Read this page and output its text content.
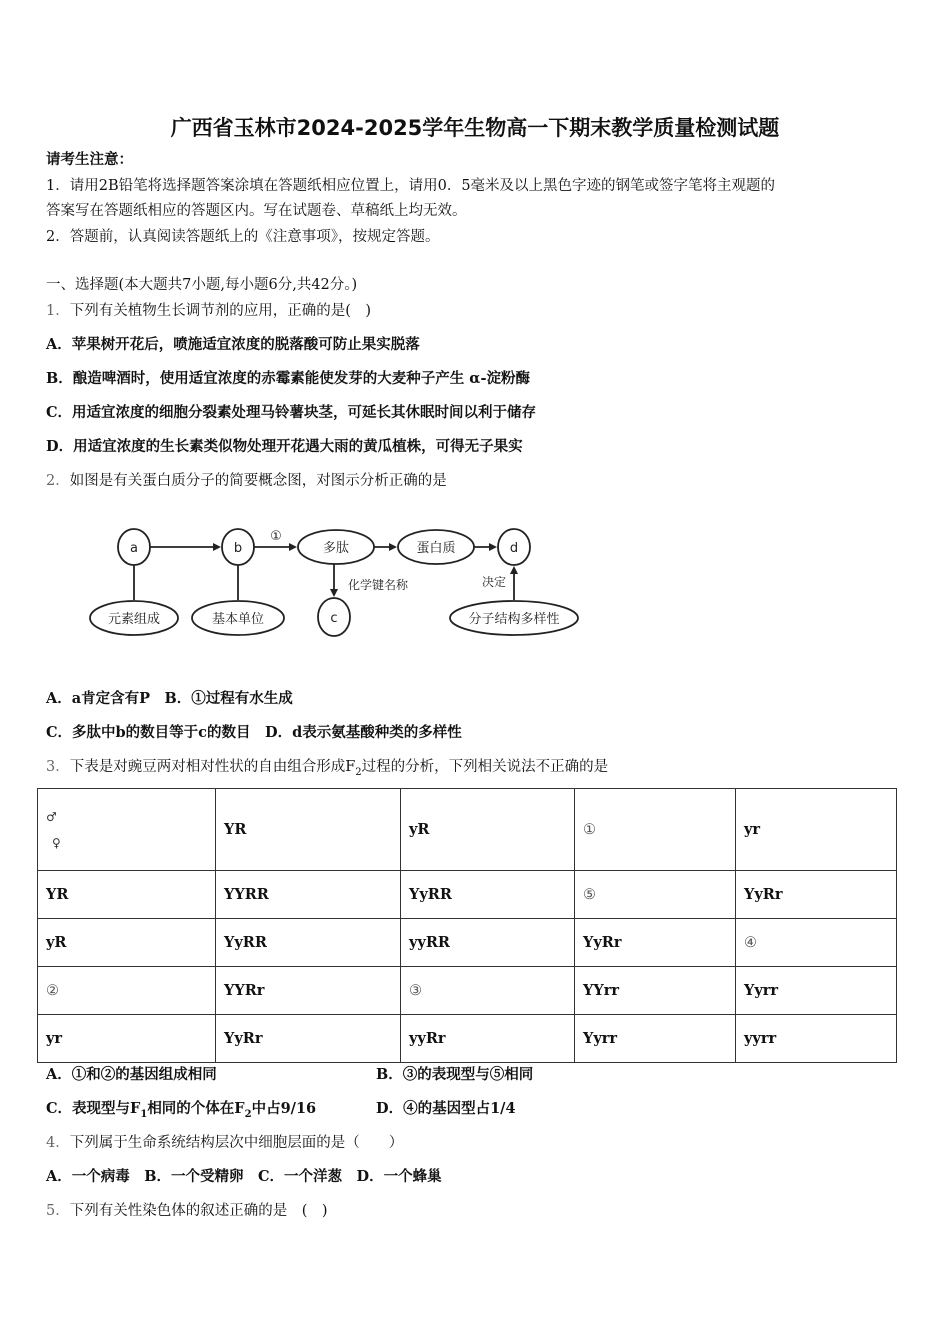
广西省玉林市2024-2025学年生物高一下期末教学质量检测试题
请考生注意：
1．请用2B铅笔将选择题答案涂填在答题纸相应位置上，请用0．5毫米及以上黑色字迹的钢笔或签字笔将主观题的
答案写在答题纸相应的答题区内。写在试题卷、草稿纸上均无效。
2．答题前，认真阅读答题纸上的《注意事项》，按规定答题。
一、选择题(本大题共7小题,每小题6分,共42分。)
1．下列有关植物生长调节剂的应用，正确的是(　)
A．苹果树开花后，喷施适宜浓度的脱落酸可防止果实脱落
B．酿造啤酒时，使用适宜浓度的赤霉素能使发芽的大麦种子产生 α-淀粉酶
C．用适宜浓度的细胞分裂素处理马铃薯块茎，可延长其休眠时间以利于储存
D．用适宜浓度的生长素类似物处理开花遇大雨的黄瓜植株，可得无子果实
2．如图是有关蛋白质分子的简要概念图，对图示分析正确的是
a	b
①
多肽	蛋白质	d
元素组成	基本单位	c	分子结构多样性
化学键名称	决定
A．a肯定含有P　B．①过程有水生成
C．多肽中b的数目等于c的数目　D．d表示氨基酸种类的多样性
3．下表是对豌豆两对相对性状的自由组合形成$F_2$过程的分析，下列相关说法不正确的是
♂
♀	YR	yR	①	yr
YR	YYRR	YyRR	⑤	YyRr
yR	YyRR	yyRR	YyRr	④
②	YYRr	③	YYrr	Yyrr
yr	YyRr	yyRr	Yyrr	yyrr
A．①和②的基因组成相同	B．③的表现型与⑤相同
C．表现型与$F_1$相同的个体在$F_2$中占9/16	D．④的基因型占1/4
4．下列属于生命系统结构层次中细胞层面的是（　　）
A．一个病毒　B．一个受精卵　C．一个洋葱　D．一个蜂巢
5．下列有关性染色体的叙述正确的是　(　)
